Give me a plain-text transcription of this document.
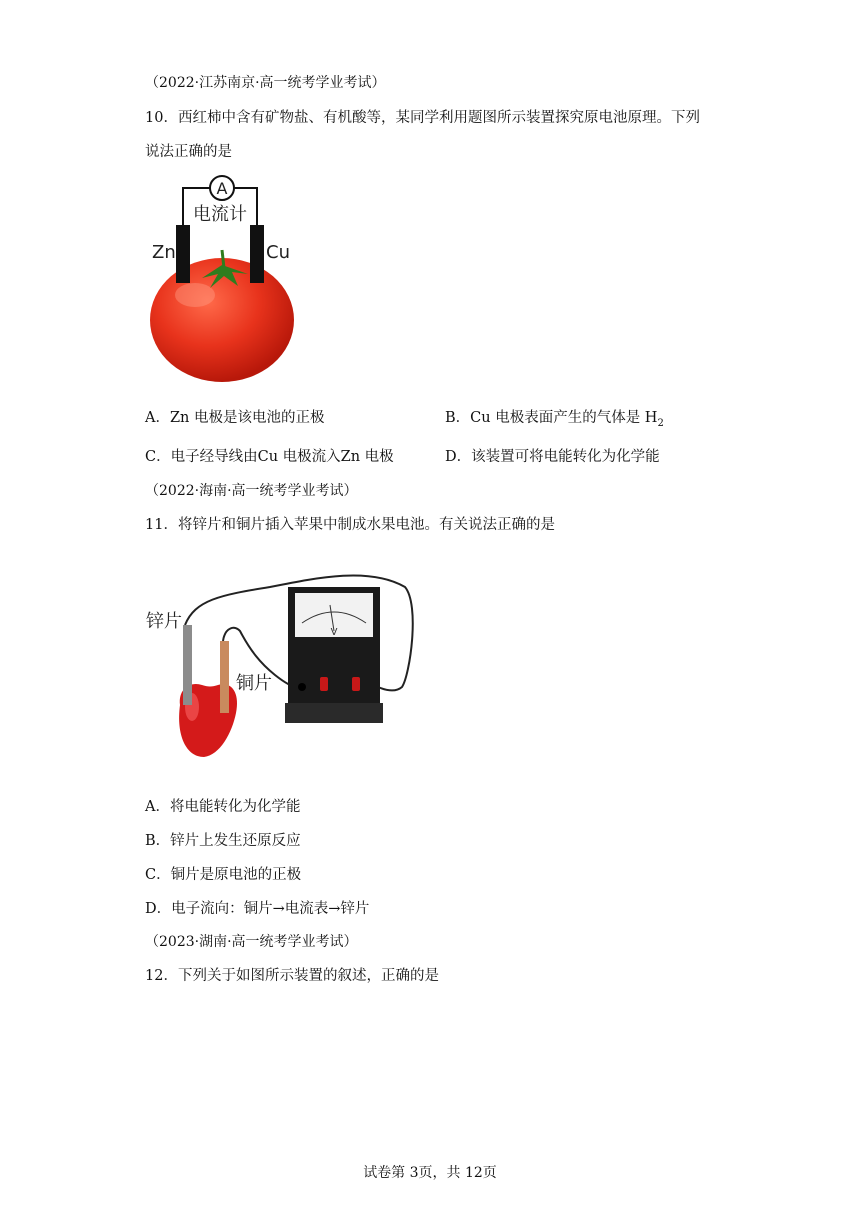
（2022·江苏南京·高一统考学业考试）
10．西红柿中含有矿物盐、有机酸等，某同学利用题图所示装置探究原电池原理。下列
说法正确的是
A
电流计
Zn	Cu
A．Zn 电极是该电池的正极	B．Cu 电极表面产生的气体是 $H_2$
C．电子经导线由Cu 电极流入Zn 电极	D．该装置可将电能转化为化学能
（2022·海南·高一统考学业考试）
11．将锌片和铜片插入苹果中制成水果电池。有关说法正确的是
锌片
铜片
V
A．将电能转化为化学能
B．锌片上发生还原反应
C．铜片是原电池的正极
D．电子流向：铜片→电流表→锌片
（2023·湖南·高一统考学业考试）
12．下列关于如图所示装置的叙述，正确的是
试卷第 3页，共 12页
